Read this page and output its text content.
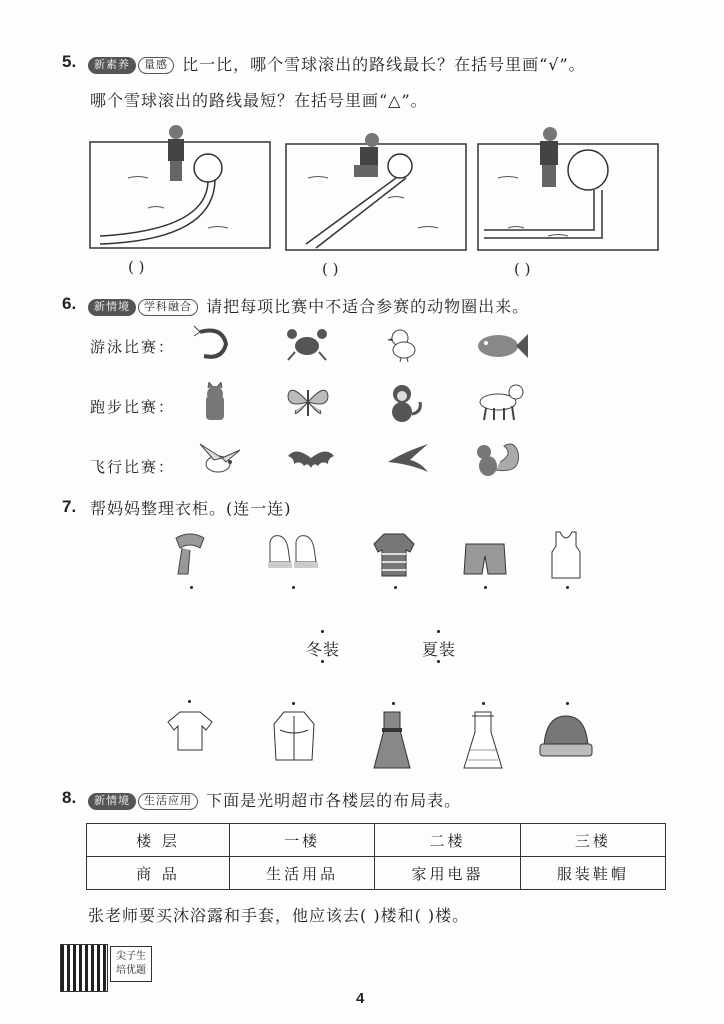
5.	新素养 量感 比一比，哪个雪球滚出的路线最长？在括号里画“√”。
哪个雪球滚出的路线最短？在括号里画“△”。
( )	( )	( )
6.	新情境 学科融合 请把每项比赛中不适合参赛的动物圈出来。
游泳比赛：
跑步比赛：
飞行比赛：
7. 帮妈妈整理衣柜。(连一连)
冬装	夏装
8.	新情境 生活应用 下面是光明超市各楼层的布局表。
楼 层	一楼	二楼	三楼
商 品	生活用品	家用电器	服装鞋帽
张老师要买沐浴露和手套，他应该去( )楼和( )楼。
尖子生
培优题
4
